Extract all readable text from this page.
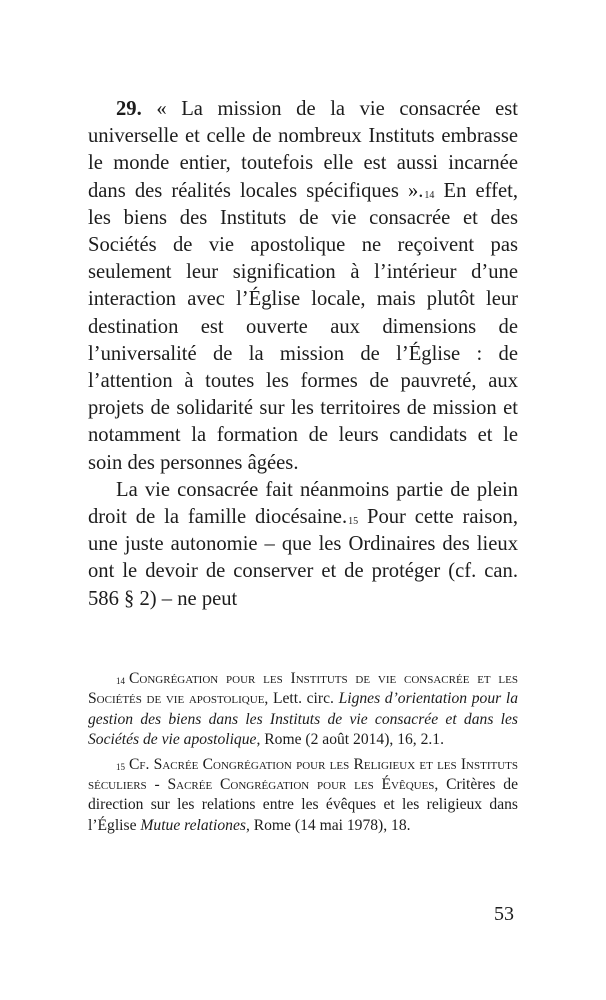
29. « La mission de la vie consacrée est universelle et celle de nombreux Instituts embrasse le monde entier, toutefois elle est aussi incarnée dans des réalités locales spécifiques ».$^{14}$ En effet, les biens des Instituts de vie consacrée et des Sociétés de vie apostolique ne reçoivent pas seulement leur signification à l’intérieur d’une interaction avec l’Église locale, mais plutôt leur destination est ouverte aux dimensions de l’universalité de la mission de l’Église : de l’attention à toutes les formes de pauvreté, aux projets de solidarité sur les territoires de mission et notamment la formation de leurs candidats et le soin des personnes âgées.

La vie consacrée fait néanmoins partie de plein droit de la famille diocésaine.$^{15}$ Pour cette raison, une juste autonomie – que les Ordinaires des lieux ont le devoir de conserver et de protéger (cf. can. 586 § 2) – ne peut

$^{14}$ Congrégation pour les Instituts de vie consacrée et les Sociétés de vie apostolique, Lett. circ. Lignes d’orientation pour la gestion des biens dans les Instituts de vie consacrée et dans les Sociétés de vie apostolique, Rome (2 août 2014), 16, 2.1.

$^{15}$ Cf. Sacrée Congrégation pour les Religieux et les Instituts séculiers - Sacrée Congrégation pour les Évêques, Critères de direction sur les relations entre les évêques et les religieux dans l’Église Mutue relationes, Rome (14 mai 1978), 18.

53
